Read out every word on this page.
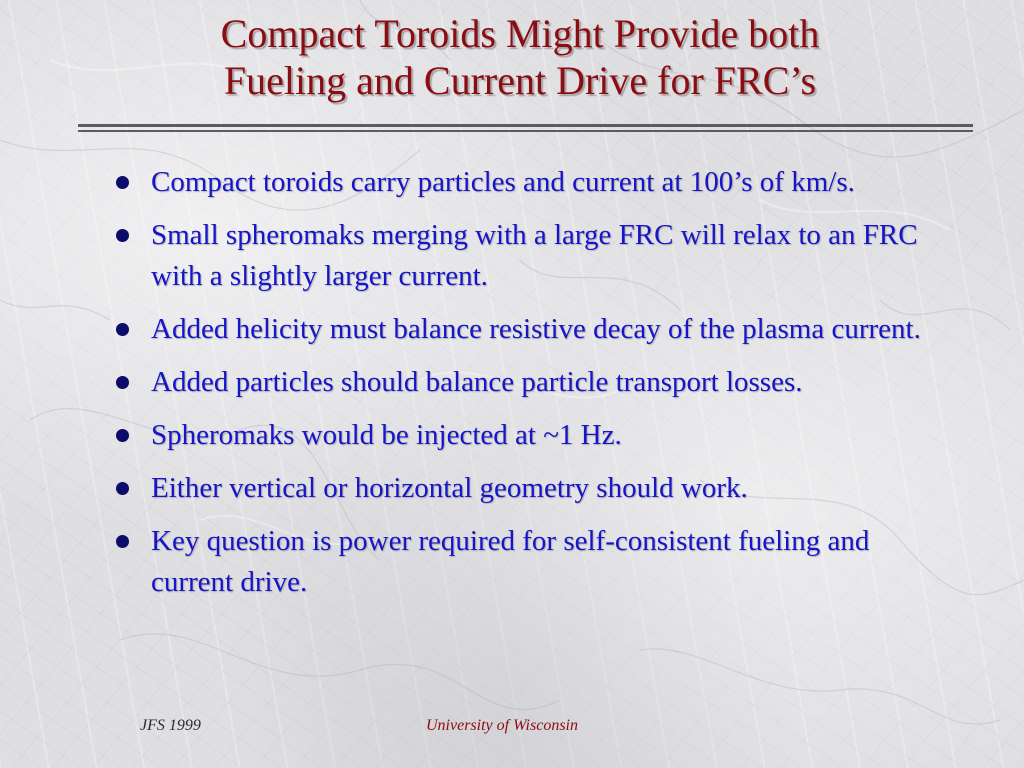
Compact Toroids Might Provide both
Fueling and Current Drive for FRC’s
Compact toroids carry particles and current at 100’s of km/s.
Small spheromaks merging with a large FRC will relax to an FRC with a slightly larger current.
Added helicity must balance resistive decay of the plasma current.
Added particles should balance particle transport losses.
Spheromaks would be injected at ~1 Hz.
Either vertical or horizontal geometry should work.
Key question is power required for self-consistent fueling and current drive.
JFS 1999	University of Wisconsin
